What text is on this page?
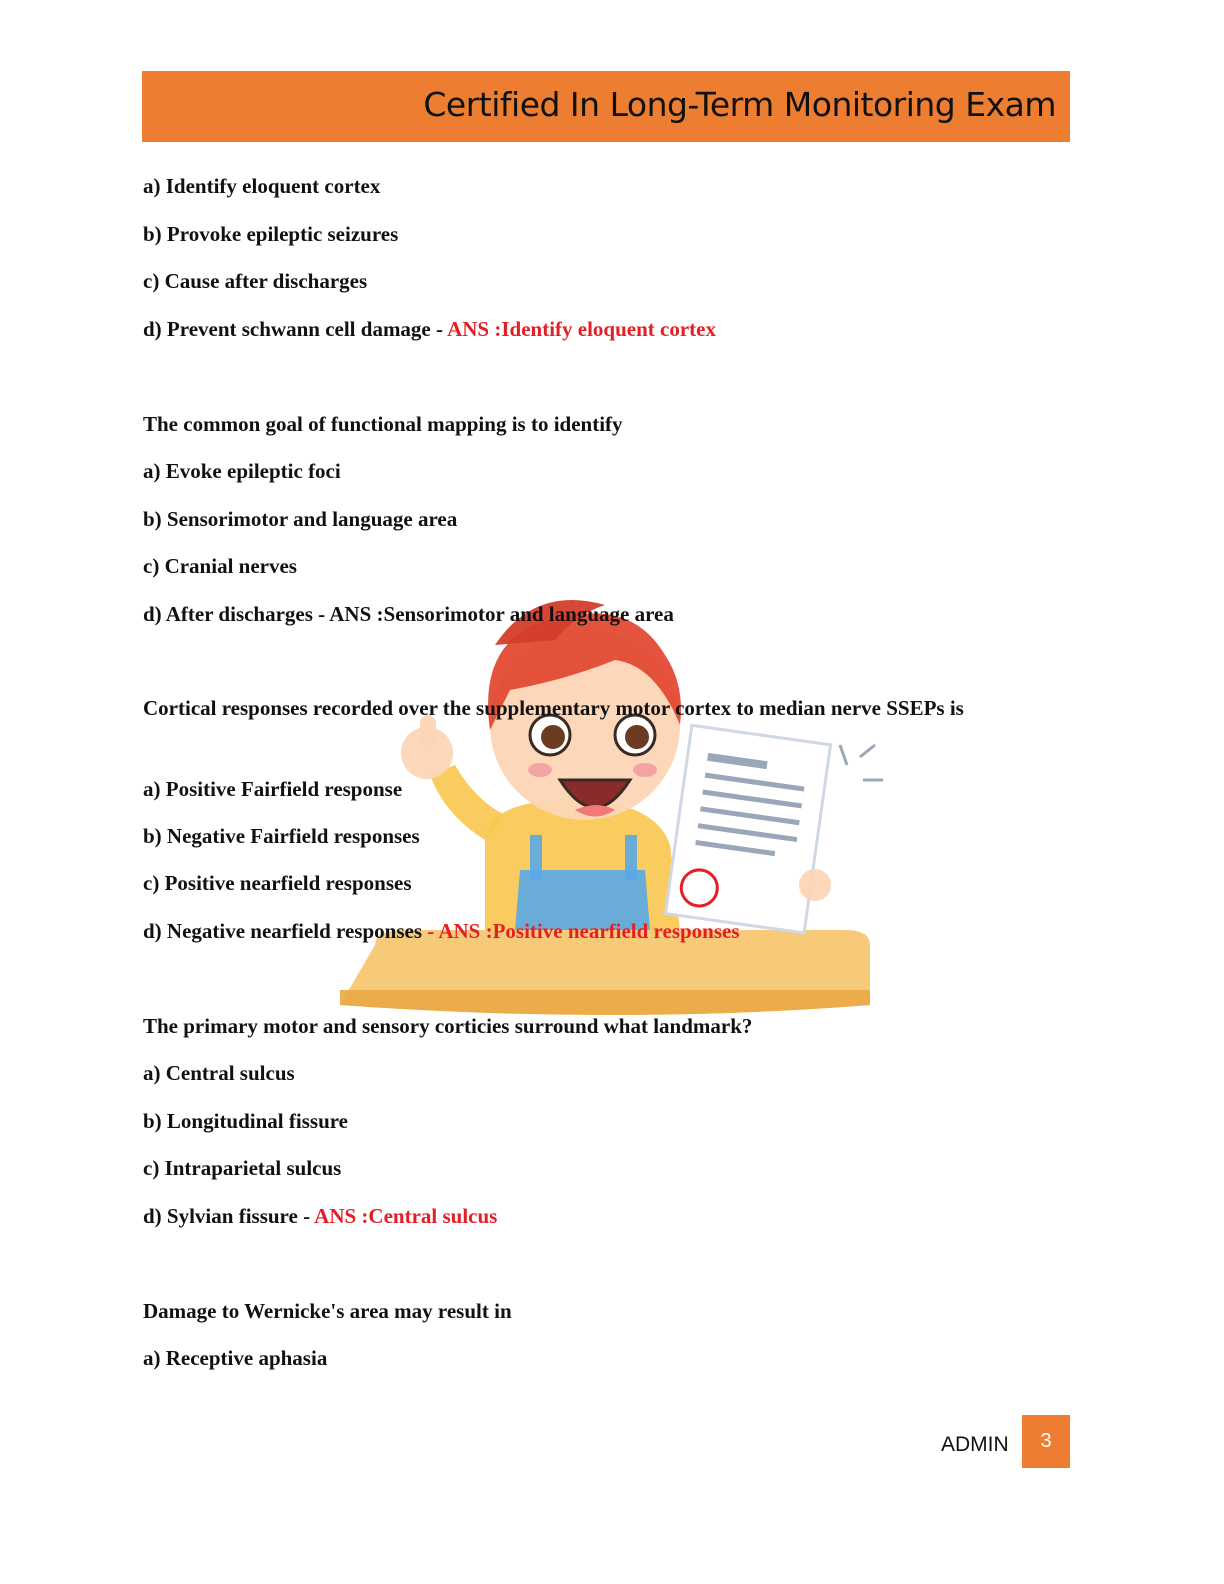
Certified In Long-Term Monitoring Exam
a) Identify eloquent cortex
b) Provoke epileptic seizures
c) Cause after discharges
d) Prevent schwann cell damage - ANS :Identify eloquent cortex
The common goal of functional mapping is to identify
a) Evoke epileptic foci
b) Sensorimotor and language area
c) Cranial nerves
d) After discharges - ANS :Sensorimotor and language area
Cortical responses recorded over the supplementary motor cortex to median nerve SSEPs is
a) Positive Fairfield response
b) Negative Fairfield responses
c) Positive nearfield responses
d) Negative nearfield responses - ANS :Positive nearfield responses
The primary motor and sensory corticies surround what landmark?
a) Central sulcus
b) Longitudinal fissure
c) Intraparietal sulcus
d) Sylvian fissure - ANS :Central sulcus
Damage to Wernicke's area may result in
a) Receptive aphasia
ADMIN	3
